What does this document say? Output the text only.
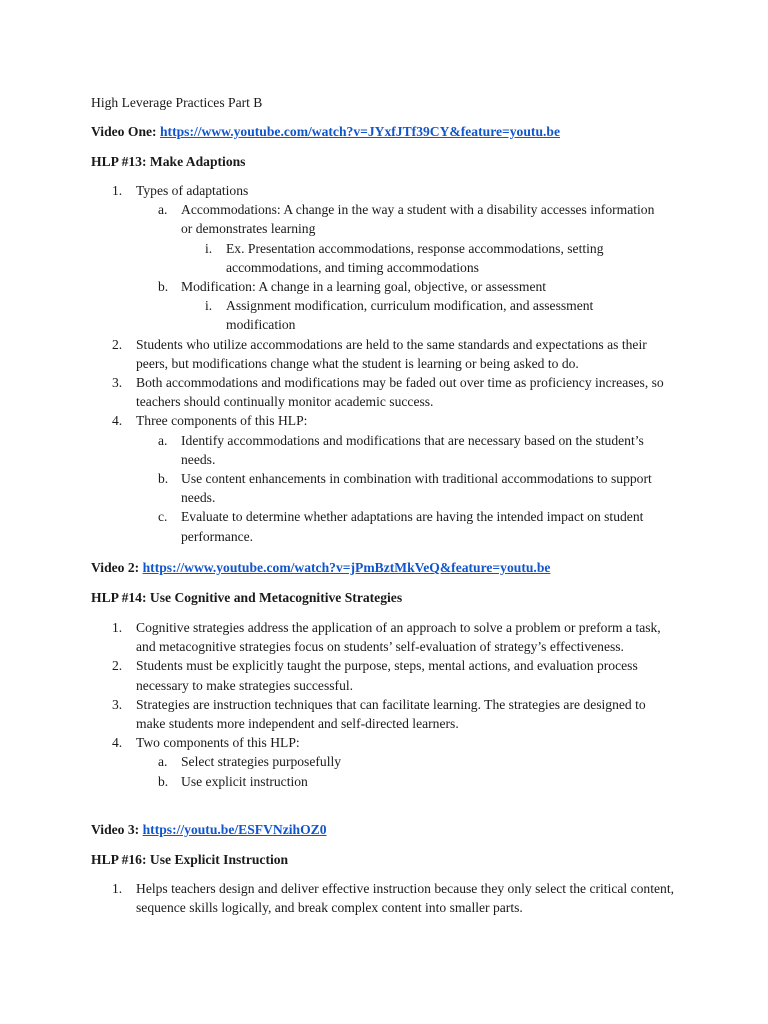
High Leverage Practices Part B
Video One: https://www.youtube.com/watch?v=JYxfJTf39CY&feature=youtu.be
HLP #13: Make Adaptions
1. Types of adaptations
a. Accommodations: A change in the way a student with a disability accesses information or demonstrates learning
i. Ex. Presentation accommodations, response accommodations, setting accommodations, and timing accommodations
b. Modification: A change in a learning goal, objective, or assessment
i. Assignment modification, curriculum modification, and assessment modification
2. Students who utilize accommodations are held to the same standards and expectations as their peers, but modifications change what the student is learning or being asked to do.
3. Both accommodations and modifications may be faded out over time as proficiency increases, so teachers should continually monitor academic success.
4. Three components of this HLP:
a. Identify accommodations and modifications that are necessary based on the student’s needs.
b. Use content enhancements in combination with traditional accommodations to support needs.
c. Evaluate to determine whether adaptations are having the intended impact on student performance.
Video 2: https://www.youtube.com/watch?v=jPmBztMkVeQ&feature=youtu.be
HLP #14: Use Cognitive and Metacognitive Strategies
1. Cognitive strategies address the application of an approach to solve a problem or preform a task, and metacognitive strategies focus on students’ self-evaluation of strategy’s effectiveness.
2. Students must be explicitly taught the purpose, steps, mental actions, and evaluation process necessary to make strategies successful.
3. Strategies are instruction techniques that can facilitate learning. The strategies are designed to make students more independent and self-directed learners.
4. Two components of this HLP:
a. Select strategies purposefully
b. Use explicit instruction
Video 3: https://youtu.be/ESFVNzihOZ0
HLP #16: Use Explicit Instruction
1. Helps teachers design and deliver effective instruction because they only select the critical content, sequence skills logically, and break complex content into smaller parts.
